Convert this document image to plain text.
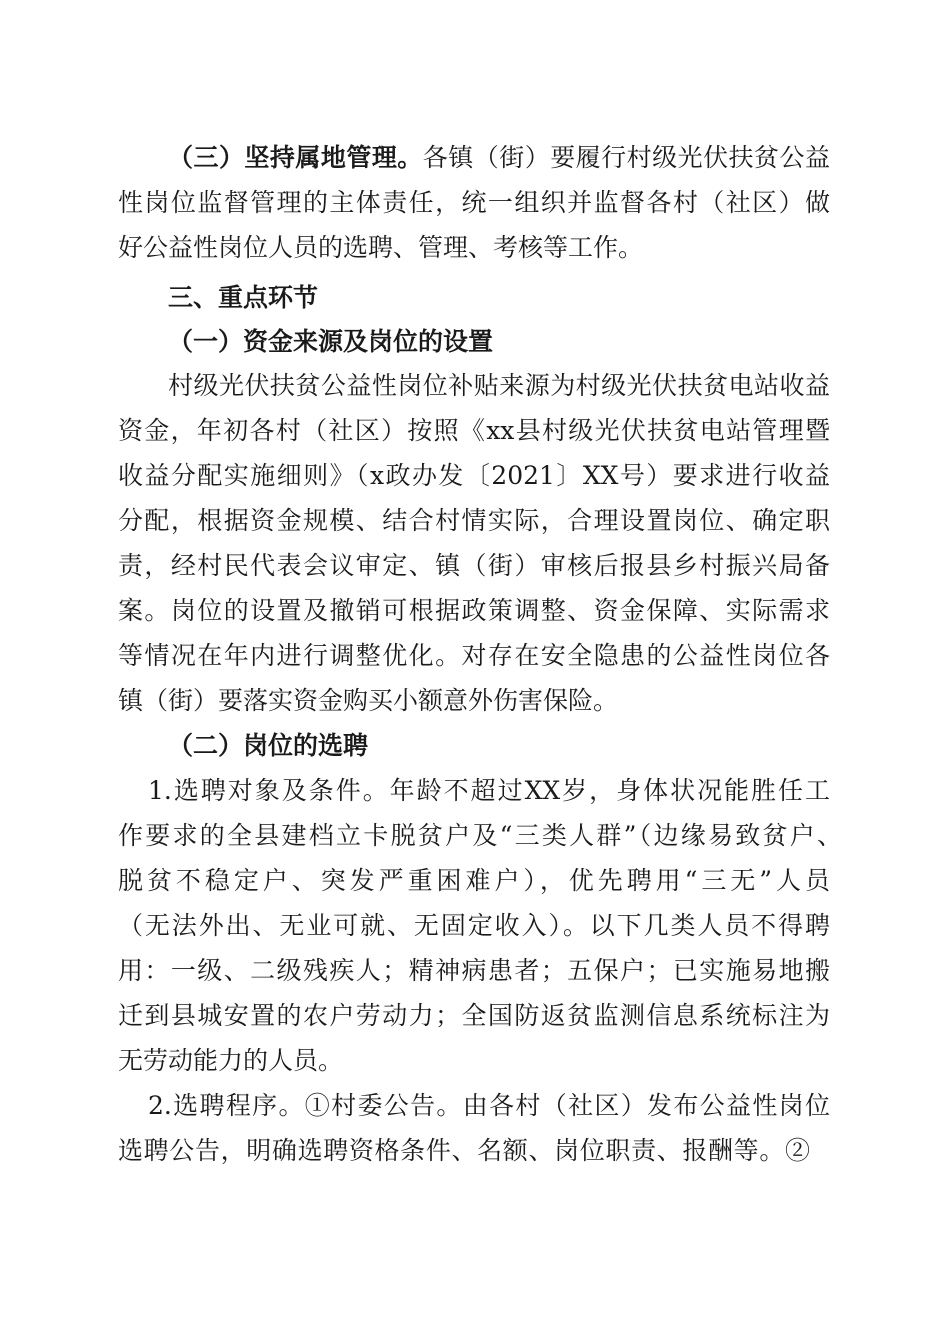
（三）坚持属地管理。各镇（街）要履行村级光伏扶贫公益

性岗位监督管理的主体责任，统一组织并监督各村（社区）做

好公益性岗位人员的选聘、管理、考核等工作。

三、重点环节

（一）资金来源及岗位的设置

村级光伏扶贫公益性岗位补贴来源为村级光伏扶贫电站收益

资金，年初各村（社区）按照《xx县村级光伏扶贫电站管理暨

收益分配实施细则》（x政办发〔2021〕XX号）要求进行收益

分配，根据资金规模、结合村情实际，合理设置岗位、确定职

责，经村民代表会议审定、镇（街）审核后报县乡村振兴局备

案。岗位的设置及撤销可根据政策调整、资金保障、实际需求

等情况在年内进行调整优化。对存在安全隐患的公益性岗位各

镇（街）要落实资金购买小额意外伤害保险。

（二）岗位的选聘

1.选聘对象及条件。年龄不超过XX岁，身体状况能胜任工

作要求的全县建档立卡脱贫户及“三类人群”（边缘易致贫户、

脱贫不稳定户、突发严重困难户），优先聘用“三无”人员

（无法外出、无业可就、无固定收入）。以下几类人员不得聘

用：一级、二级残疾人；精神病患者；五保户；已实施易地搬

迁到县城安置的农户劳动力；全国防返贫监测信息系统标注为

无劳动能力的人员。

2.选聘程序。①村委公告。由各村（社区）发布公益性岗位

选聘公告，明确选聘资格条件、名额、岗位职责、报酬等。②
